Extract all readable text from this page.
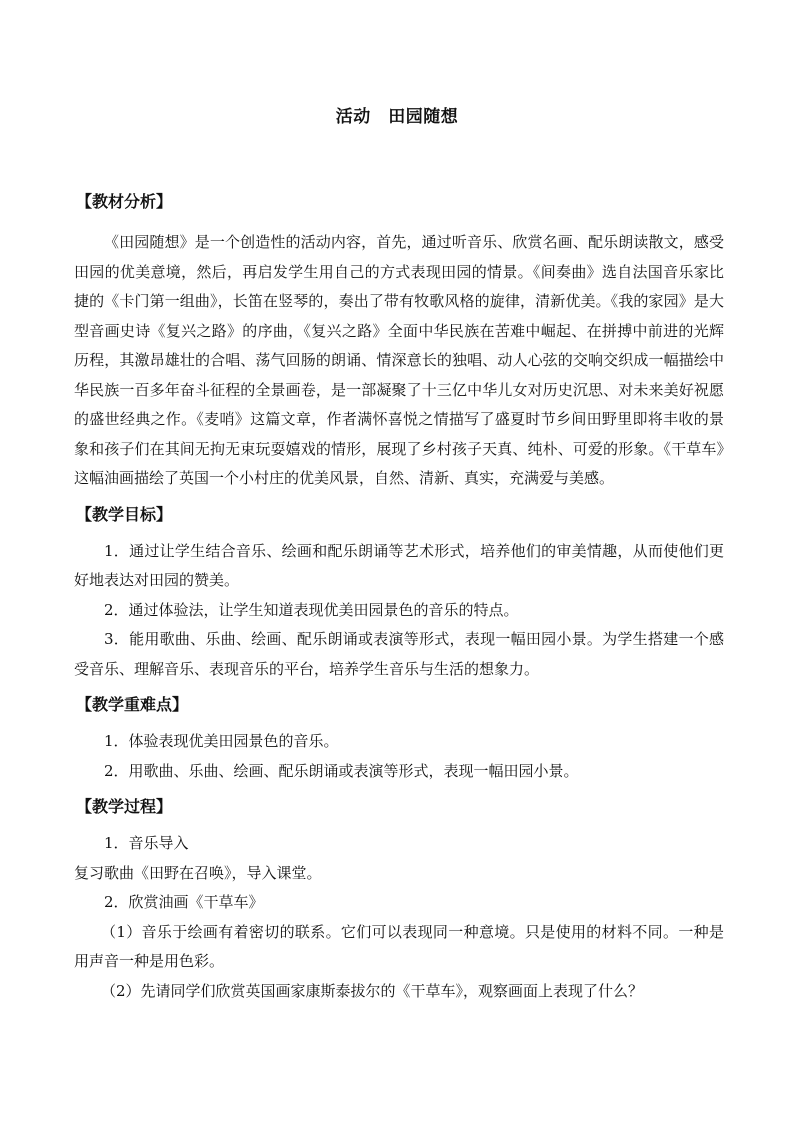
活动　田园随想

【教材分析】

《田园随想》是一个创造性的活动内容，首先，通过听音乐、欣赏名画、配乐朗读散文，感受田园的优美意境，然后，再启发学生用自己的方式表现田园的情景。《间奏曲》选自法国音乐家比捷的《卡门第一组曲》，长笛在竖琴的，奏出了带有牧歌风格的旋律，清新优美。《我的家园》是大型音画史诗《复兴之路》的序曲，《复兴之路》全面中华民族在苦难中崛起、在拼搏中前进的光辉历程，其激昂雄壮的合唱、荡气回肠的朗诵、情深意长的独唱、动人心弦的交响交织成一幅描绘中华民族一百多年奋斗征程的全景画卷，是一部凝聚了十三亿中华儿女对历史沉思、对未来美好祝愿的盛世经典之作。《麦哨》这篇文章，作者满怀喜悦之情描写了盛夏时节乡间田野里即将丰收的景象和孩子们在其间无拘无束玩耍嬉戏的情形，展现了乡村孩子天真、纯朴、可爱的形象。《干草车》这幅油画描绘了英国一个小村庄的优美风景，自然、清新、真实，充满爱与美感。

【教学目标】

1．通过让学生结合音乐、绘画和配乐朗诵等艺术形式，培养他们的审美情趣，从而使他们更好地表达对田园的赞美。

2．通过体验法，让学生知道表现优美田园景色的音乐的特点。

3．能用歌曲、乐曲、绘画、配乐朗诵或表演等形式，表现一幅田园小景。为学生搭建一个感受音乐、理解音乐、表现音乐的平台，培养学生音乐与生活的想象力。

【教学重难点】

1．体验表现优美田园景色的音乐。

2．用歌曲、乐曲、绘画、配乐朗诵或表演等形式，表现一幅田园小景。

【教学过程】

1．音乐导入

复习歌曲《田野在召唤》，导入课堂。

2．欣赏油画《干草车》

（1）音乐于绘画有着密切的联系。它们可以表现同一种意境。只是使用的材料不同。一种是用声音一种是用色彩。

（2）先请同学们欣赏英国画家康斯泰拔尔的《干草车》，观察画面上表现了什么？
